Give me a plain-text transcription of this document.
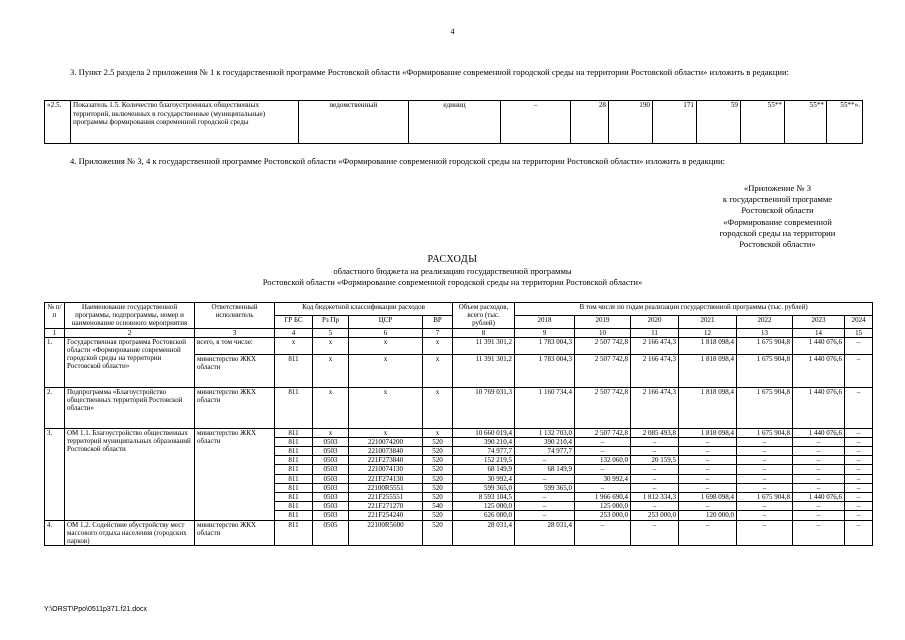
4
3. Пункт 2.5 раздела 2 приложения № 1 к государственной программе Ростовской области «Формирование современной городской среды на территории Ростовской области» изложить в редакции:
«2.5.	Показатель 1.5. Количество благоустроенных общественных территорий, включенных в государственные (муниципальные) программы формирования современной городской среды	ведомственный	единиц	–	28	190	171	59	55**	55**	55**».
4. Приложения № 3, 4 к государственной программе Ростовской области «Формирование современной городской среды на территории Ростовской области» изложить в редакции:
«Приложение № 3
к государственной программе
Ростовской области
«Формирование современной
городской среды на территории
Ростовской области»
РАСХОДЫ
областного бюджета на реализацию государственной программы
Ростовской области «Формирование современной городской среды на территории Ростовской области»
№ п/п	Наименование государственной программы, подпрограммы, номер и наименование основного мероприятия	Ответственный исполнитель	Код бюджетной классификации расходов				Объем расходов, всего (тыс. рублей)	В том числе по годам реализации государственной программы (тыс. рублей)						
			ГР БС	Рз Пр	ЦСР	ВР		2018	2019	2020	2021	2022	2023	2024
1	2	3	4	5	6	7	8	9	10	11	12	13	14	15
1.	Государственная программа Ростовской области «Формирование современной городской среды на территории Ростовской области»	всего, в том числе:	х	х	х	х	11 391 301,2	1 783 004,3	2 507 742,8	2 166 474,3	1 818 098,4	1 675 904,8	1 440 076,6	–
		министерство ЖКХ области	811	х	х	х	11 391 301,2	1 783 004,3	2 507 742,8	2 166 474,3	1 818 098,4	1 675 904,8	1 440 076,6	–
2.	Подпрограмма «Благоустройство общественных территорий Ростовской области»	министерство ЖКХ области	811	х	х	х	10 769 031,3	1 160 734,4	2 507 742,8	2 166 474,3	1 818 098,4	1 675 904,8	1 440 076,6	–
3.	ОМ 1.1. Благоустройство общественных территорий муниципальных образований Ростовской области	министерство ЖКХ области	811	х	х	х	10 660 019,4	1 132 703,0	2 507 742,8	2 085 493,8	1 818 098,4	1 675 904,8	1 440 076,6	–
			811	0503	2210074200	520	390 210,4	390 210,4	–	–	–	–	–	–
			811	0503	2210073840	520	74 977,7	74 977,7	–	–	–	–	–	–
			811	0503	221F273840	520	152 219,5	–	132 060,0	20 159,5	–	–	–	–
			811	0503	2210074130	520	68 149,9	68 149,9	–	–	–	–	–	–
			811	0503	221F274130	520	30 992,4	–	30 992,4	–	–	–	–	–
			811	0503	22100R5551	520	599 365,0	599 365,0	–	–	–	–	–	–
			811	0503	221F255551	520	8 593 104,5	–	1 966 690,4	1 812 334,3	1 698 098,4	1 675 904,8	1 440 076,6	–
			811	0503	221F271270	540	125 000,0	–	125 000,0	–	–	–	–	–
			811	0503	221F254240	520	626 000,0	–	253 000,0	253 000,0	120 000,0	–	–	–
4.	ОМ 1.2. Содействие обустройству мест массового отдыха населения (городских парков)	министерство ЖКХ области	811	0505	22100R5600	520	28 031,4	28 031,4	–	–	–	–	–	–
Y:\ORST\Ppo\0511p371.f21.docx
